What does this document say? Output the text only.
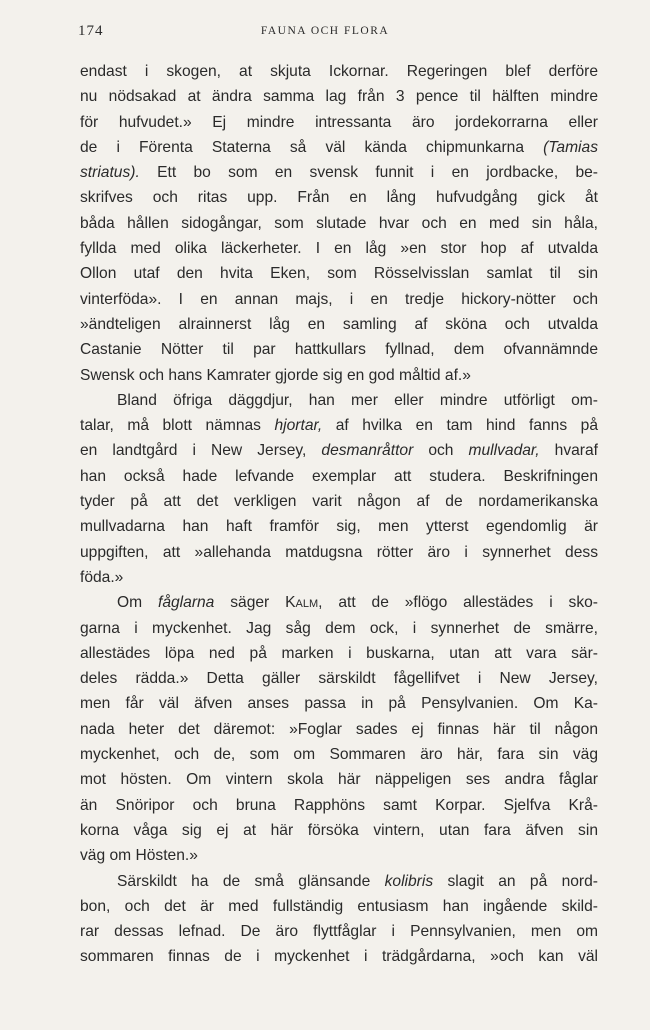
174	FAUNA OCH FLORA
endast i skogen, at skjuta Ickornar. Regeringen blef derföre
nu nödsakad at ändra samma lag från 3 pence til hälften mindre
för hufvudet.» Ej mindre intressanta äro jordekorrarna eller
de i Förenta Staterna så väl kända chipmunkarna (Tamias
striatus). Ett bo som en svensk funnit i en jordbacke, be-
skrifves och ritas upp. Från en lång hufvudgång gick åt
båda hållen sidogångar, som slutade hvar och en med sin håla,
fyllda med olika läckerheter. I en låg »en stor hop af utvalda
Ollon utaf den hvita Eken, som Rösselvisslan samlat til sin
vinterföda». I en annan majs, i en tredje hickory-nötter och
»ändteligen alrainnerst låg en samling af sköna och utvalda
Castanie Nötter til par hattkullars fyllnad, dem ofvannämnde
Swensk och hans Kamrater gjorde sig en god måltid af.»
Bland öfriga däggdjur, han mer eller mindre utförligt om-
talar, må blott nämnas hjortar, af hvilka en tam hind fanns på
en landtgård i New Jersey, desmanråttor och mullvadar, hvaraf
han också hade lefvande exemplar att studera. Beskrifningen
tyder på att det verkligen varit någon af de nordamerikanska
mullvadarna han haft framför sig, men ytterst egendomlig är
uppgiften, att »allehanda matdugsna rötter äro i synnerhet dess
föda.»
Om fåglarna säger Kalm, att de »flögo allestädes i sko-
garna i myckenhet. Jag såg dem ock, i synnerhet de smärre,
allestädes löpa ned på marken i buskarna, utan att vara sär-
deles rädda.» Detta gäller särskildt fågellifvet i New Jersey,
men får väl äfven anses passa in på Pensylvanien. Om Ka-
nada heter det däremot: »Foglar sades ej finnas här til någon
myckenhet, och de, som om Sommaren äro här, fara sin väg
mot hösten. Om vintern skola här näppeligen ses andra fåglar
än Snöripor och bruna Rapphöns samt Korpar. Sjelfva Krå-
korna våga sig ej at här försöka vintern, utan fara äfven sin
väg om Hösten.»
Särskildt ha de små glänsande kolibris slagit an på nord-
bon, och det är med fullständig entusiasm han ingående skild-
rar dessas lefnad. De äro flyttfåglar i Pennsylvanien, men om
sommaren finnas de i myckenhet i trädgårdarna, »och kan väl
